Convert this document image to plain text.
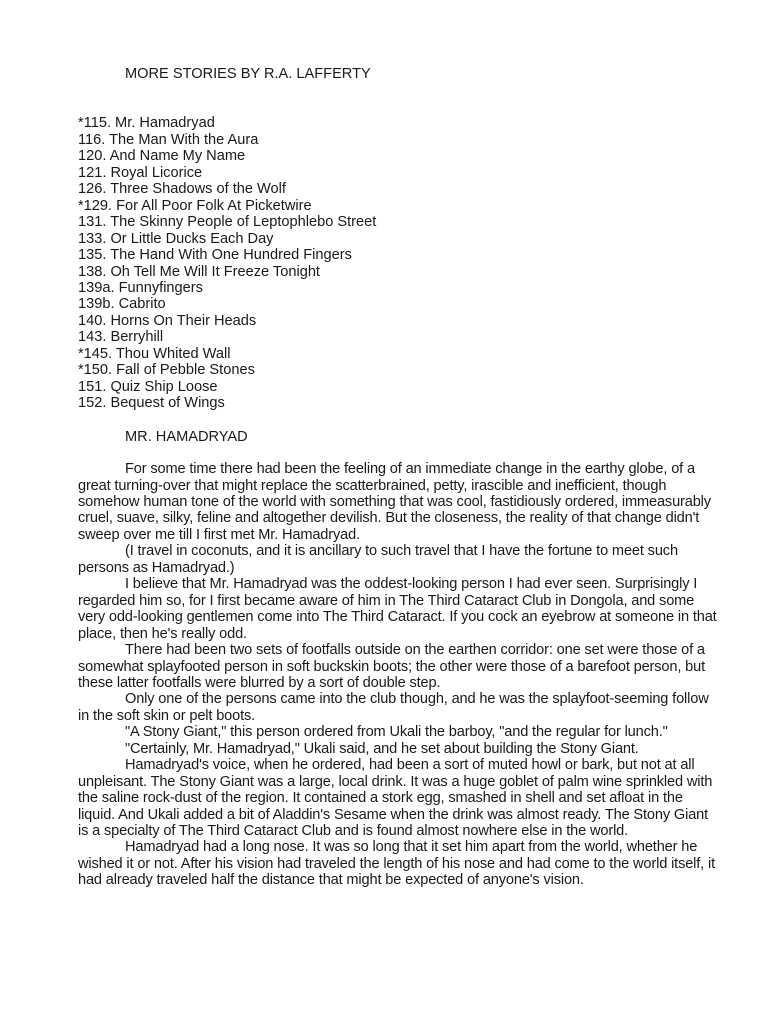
MORE STORIES BY R.A. LAFFERTY
*115. Mr. Hamadryad
116. The Man With the Aura
120. And Name My Name
121. Royal Licorice
126. Three Shadows of the Wolf
*129. For All Poor Folk At Picketwire
131. The Skinny People of Leptophlebo Street
133. Or Little Ducks Each Day
135. The Hand With One Hundred Fingers
138. Oh Tell Me Will It Freeze Tonight
139a. Funnyfingers
139b. Cabrito
140. Horns On Their Heads
143. Berryhill
*145. Thou Whited Wall
*150. Fall of Pebble Stones
151. Quiz Ship Loose
152. Bequest of Wings
MR. HAMADRYAD

For some time there had been the feeling of an immediate change in the earthy globe, of a great turning-over that might replace the scatterbrained, petty, irascible and inefficient, though somehow human tone of the world with something that was cool, fastidiously ordered, immeasurably cruel, suave, silky, feline and altogether devilish. But the closeness, the reality of that change didn't sweep over me till I first met Mr. Hamadryad.

(I travel in coconuts, and it is ancillary to such travel that I have the fortune to meet such persons as Hamadryad.)

I believe that Mr. Hamadryad was the oddest-looking person I had ever seen. Surprisingly I regarded him so, for I first became aware of him in The Third Cataract Club in Dongola, and some very odd-looking gentlemen come into The Third Cataract. If you cock an eyebrow at someone in that place, then he's really odd.

There had been two sets of footfalls outside on the earthen corridor: one set were those of a somewhat splayfooted person in soft buckskin boots; the other were those of a barefoot person, but these latter footfalls were blurred by a sort of double step.

Only one of the persons came into the club though, and he was the splayfoot-seeming follow in the soft skin or pelt boots.

"A Stony Giant," this person ordered from Ukali the barboy, "and the regular for lunch."

"Certainly, Mr. Hamadryad," Ukali said, and he set about building the Stony Giant.

Hamadryad's voice, when he ordered, had been a sort of muted howl or bark, but not at all unpleisant. The Stony Giant was a large, local drink. It was a huge goblet of palm wine sprinkled with the saline rock-dust of the region. It contained a stork egg, smashed in shell and set afloat in the liquid. And Ukali added a bit of Aladdin's Sesame when the drink was almost ready. The Stony Giant is a specialty of The Third Cataract Club and is found almost nowhere else in the world.

Hamadryad had a long nose. It was so long that it set him apart from the world, whether he wished it or not. After his vision had traveled the length of his nose and had come to the world itself, it had already traveled half the distance that might be expected of anyone's vision.
